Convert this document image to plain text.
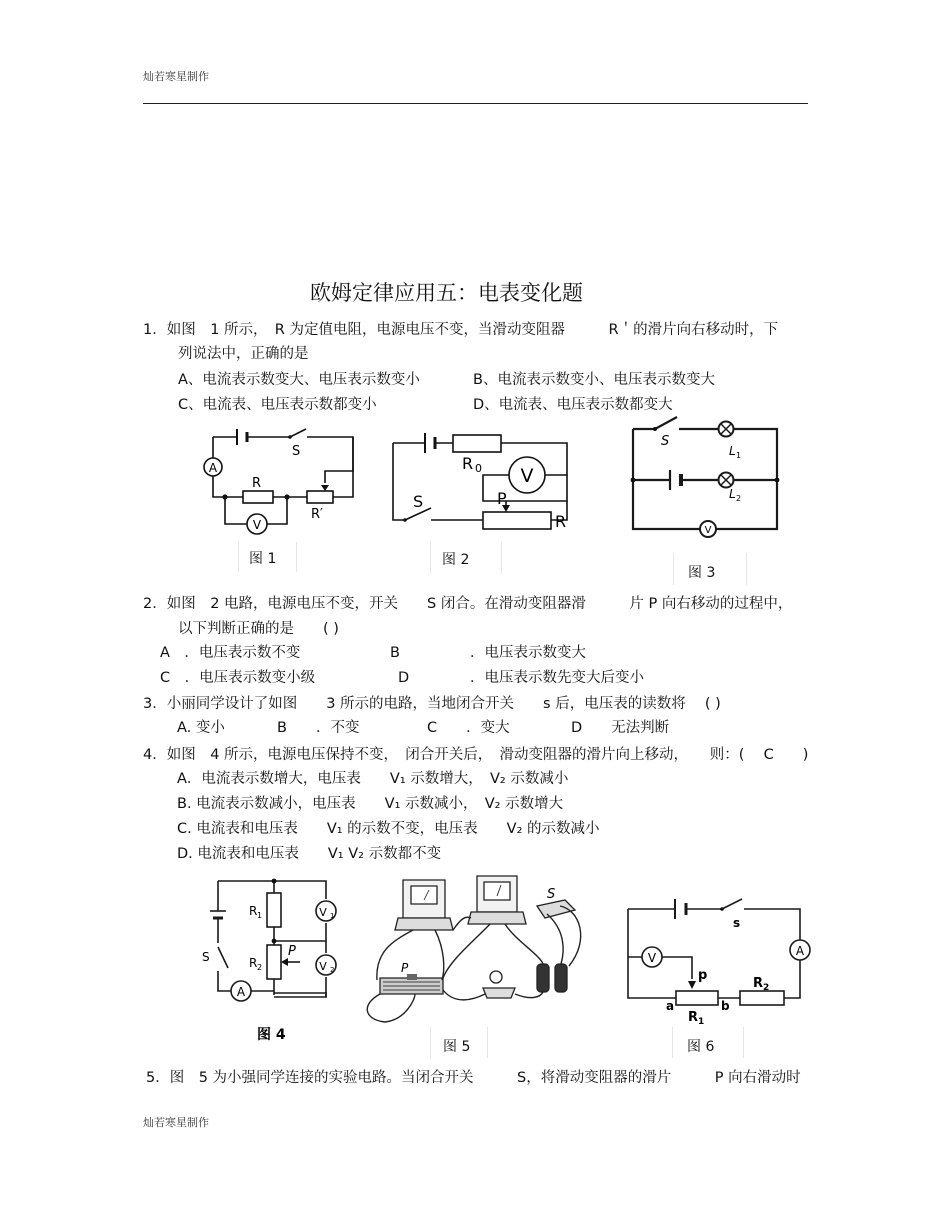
灿若寒星制作
灿若寒星制作
欧姆定律应用五：电表变化题
1．如图　1 所示，　R 为定值电阻，电源电压不变，当滑动变阻器　　　R＇的滑片向右移动时，下
列说法中，正确的是
A、电流表示数变大、电压表示数变小	B、电流表示数变小、电压表示数变大
C、电流表、电压表示数都变小	D、电流表、电压表示数都变大
A
V
S
R
R′
图 1
V
R 0
S	P
R
图 2
V
S
L 1
L 2
图 3
2．如图　2 电路，电源电压不变，开关　　S 闭合。在滑动变阻器滑　　　片 P 向右移动的过程中，
以下判断正确的是　　( )
A　．电压表示数不变	B	．电压表示数变大
C　．电压表示数变小级	D	．电压表示数先变大后变小
3．小丽同学设计了如图　　3 所示的电路，当地闭合开关　　s 后，电压表的读数将　 ( )
A. 变小	B　　．不变	C　　．变大	D　　无法判断
4．如图　4 所示，电源电压保持不变，　闭合开关后，　滑动变阻器的滑片向上移动，　　则：(　 C　　)
A．电流表示数增大，电压表　　V₁ 示数增大，　V₂ 示数减小
B. 电流表示数减小，电压表　　V₁ 示数减小，　V₂ 示数增大
C. 电流表和电压表　　V₁ 的示数不变，电压表　　V₂ 的示数减小
D. 电流表和电压表　　V₁ V₂ 示数都不变
V 1
V 2
A
R 1
R 2
P
S
图 4
P
S
图 5
V	A
s
p
a	b
R 1
R 2
图 6
5．图　5 为小强同学连接的实验电路。当闭合开关　　　S，将滑动变阻器的滑片　　　P 向右滑动时
